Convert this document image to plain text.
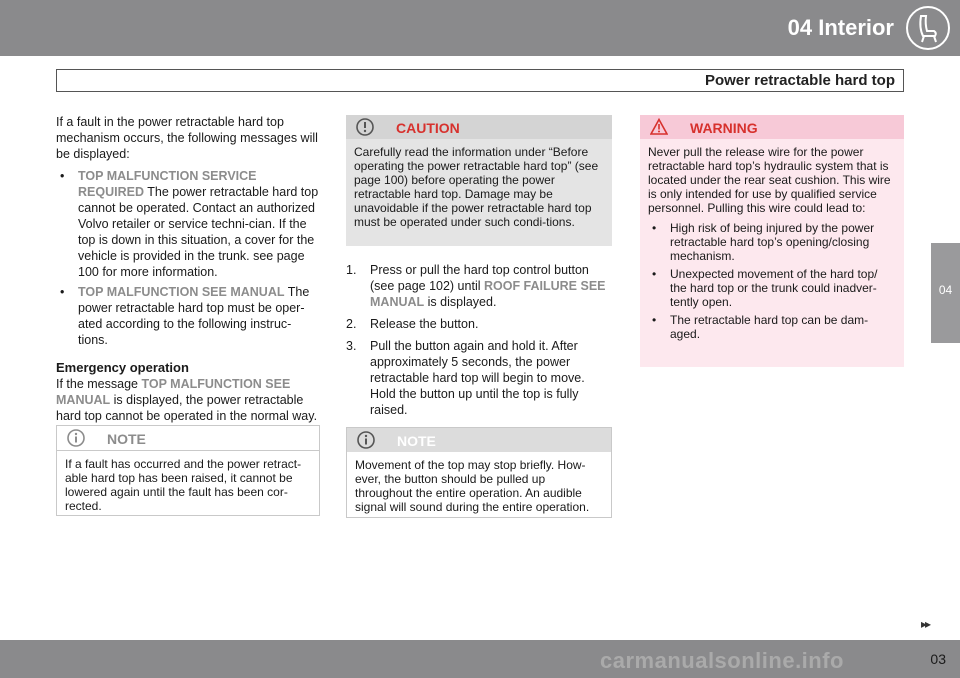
04 Interior
Power retractable hard top
04

If a fault in the power retractable hard top mechanism occurs, the following messages will be displayed:

• TOP MALFUNCTION SERVICE REQUIRED The power retractable hard top cannot be operated. Contact an authorized Volvo retailer or service techni-cian. If the top is down in this situation, a cover for the vehicle is provided in the trunk. see page 100 for more information.
• TOP MALFUNCTION SEE MANUAL The power retractable hard top must be oper-ated according to the following instruc-tions.
Emergency operation

If the message TOP MALFUNCTION SEE MANUAL is displayed, the power retractable hard top cannot be operated in the normal way.

NOTE
If a fault has occurred and the power retract-able hard top has been raised, it cannot be lowered again until the fault has been cor-rected.
CAUTION
Carefully read the information under “Before operating the power retractable hard top” (see page 100) before operating the power retractable hard top. Damage may be unavoidable if the power retractable hard top must be operated under such condi-tions.
1. Press or pull the hard top control button (see page 102) until ROOF FAILURE SEE MANUAL is displayed.
2. Release the button.
3. Pull the button again and hold it. After approximately 5 seconds, the power retractable hard top will begin to move. Hold the button up until the top is fully raised.
NOTE
Movement of the top may stop briefly. How-ever, the button should be pulled up throughout the entire operation. An audible signal will sound during the entire operation.
WARNING

Never pull the release wire for the power retractable hard top’s hydraulic system that is located under the rear seat cushion. This wire is only intended for use by qualified service personnel. Pulling this wire could lead to:

• High risk of being injured by the power retractable hard top’s opening/closing mechanism.
• Unexpected movement of the hard top/ the hard top or the trunk could inadver-tently open.
• The retractable hard top can be dam-aged.
▸▸
carmanualsonline.info	03
